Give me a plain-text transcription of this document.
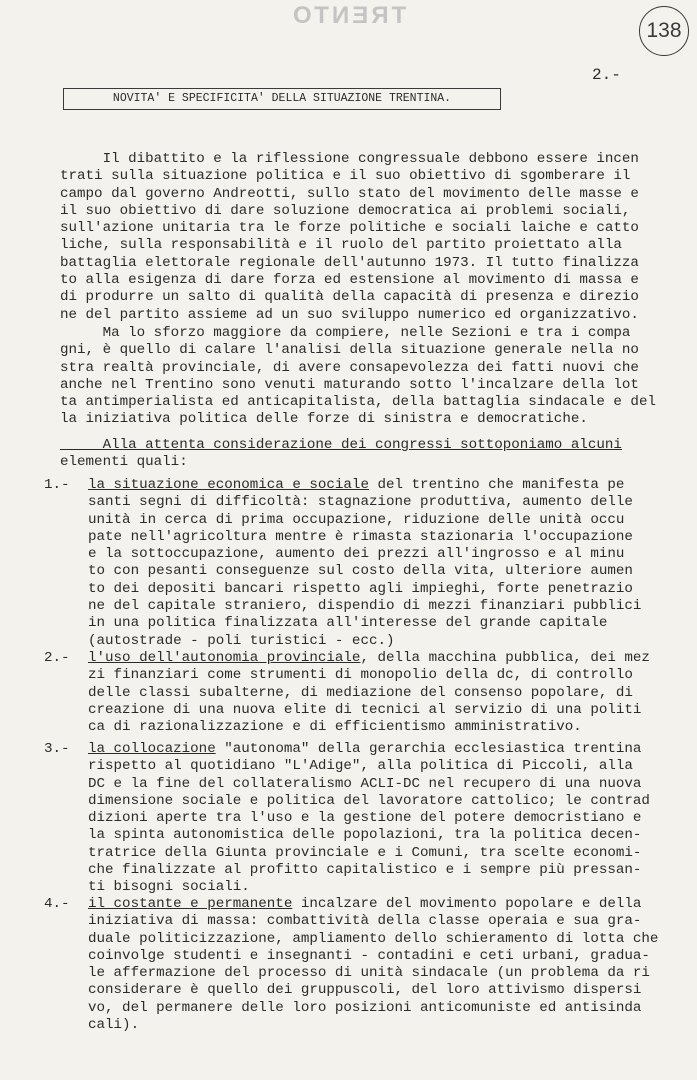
TRENTO
138
2.-
NOVITA' E SPECIFICITA' DELLA SITUAZIONE TRENTINA.
Il dibattito e la riflessione congressuale debbono essere incen
trati sulla situazione politica e il suo obiettivo di sgomberare il
campo dal governo Andreotti, sullo stato del movimento delle masse e
il suo obiettivo di dare soluzione democratica ai problemi sociali,
sull'azione unitaria tra le forze politiche e sociali laiche e catto
liche, sulla responsabilità e il ruolo del partito proiettato alla
battaglia elettorale regionale dell'autunno 1973. Il tutto finalizza
to alla esigenza di dare forza ed estensione al movimento di massa e
di produrre un salto di qualità della capacità di presenza e direzio
ne del partito assieme ad un suo sviluppo numerico ed organizzativo.
Ma lo sforzo maggiore da compiere, nelle Sezioni e tra i compa
gni, è quello di calare l'analisi della situazione generale nella no
stra realtà provinciale, di avere consapevolezza dei fatti nuovi che
anche nel Trentino sono venuti maturando sotto l'incalzare della lot
ta antimperialista ed anticapitalista, della battaglia sindacale e del
la iniziativa politica delle forze di sinistra e democratiche.
Alla attenta considerazione dei congressi sottoponiamo alcuni
elementi quali:
1.- la situazione economica e sociale del trentino che manifesta pe
santi segni di difficoltà: stagnazione produttiva, aumento delle
unità in cerca di prima occupazione, riduzione delle unità occu
pate nell'agricoltura mentre è rimasta stazionaria l'occupazione
e la sottoccupazione, aumento dei prezzi all'ingrosso e al minu
to con pesanti conseguenze sul costo della vita, ulteriore aumen
to dei depositi bancari rispetto agli impieghi, forte penetrazio
ne del capitale straniero, dispendio di mezzi finanziari pubblici
in una politica finalizzata all'interesse del grande capitale
(autostrade - poli turistici - ecc.)
2.- l'uso dell'autonomia provinciale, della macchina pubblica, dei mez
zi finanziari come strumenti di monopolio della dc, di controllo
delle classi subalterne, di mediazione del consenso popolare, di
creazione di una nuova elite di tecnici al servizio di una politi
ca di razionalizzazione e di efficientismo amministrativo.
3.- la collocazione "autonoma" della gerarchia ecclesiastica trentina
rispetto al quotidiano "L'Adige", alla politica di Piccoli, alla
DC e la fine del collateralismo ACLI-DC nel recupero di una nuova
dimensione sociale e politica del lavoratore cattolico; le contrad
dizioni aperte tra l'uso e la gestione del potere democristiano e
la spinta autonomistica delle popolazioni, tra la politica decen-
tratrice della Giunta provinciale e i Comuni, tra scelte economi-
che finalizzate al profitto capitalistico e i sempre più pressan-
ti bisogni sociali.
4.- il costante e permanente incalzare del movimento popolare e della
iniziativa di massa: combattività della classe operaia e sua gra-
duale politicizzazione, ampliamento dello schieramento di lotta che
coinvolge studenti e insegnanti - contadini e ceti urbani, gradua-
le affermazione del processo di unità sindacale (un problema da ri
considerare è quello dei gruppuscoli, del loro attivismo dispersi
vo, del permanere delle loro posizioni anticomuniste ed antisinda
cali).
